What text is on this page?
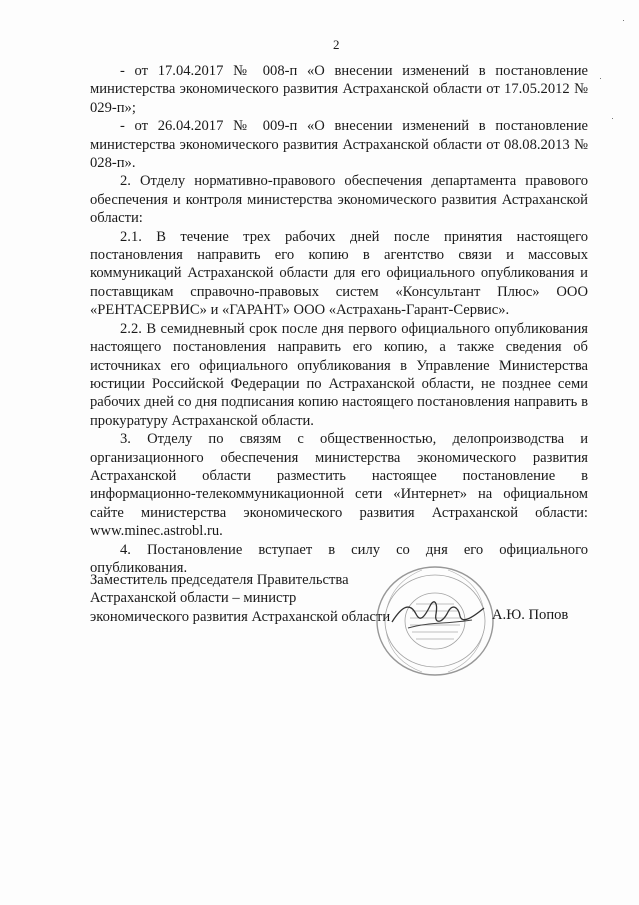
2

- от 17.04.2017 № 008-п «О внесении изменений в постановление министерства экономического развития Астраханской области от 17.05.2012 № 029-п»;

- от 26.04.2017 № 009-п «О внесении изменений в постановление министерства экономического развития Астраханской области от 08.08.2013 № 028-п».

2. Отделу нормативно-правового обеспечения департамента правового обеспечения и контроля министерства экономического развития Астраханской области:

2.1. В течение трех рабочих дней после принятия настоящего постановления направить его копию в агентство связи и массовых коммуникаций Астраханской области для его официального опубликования и поставщикам справочно-правовых систем «Консультант Плюс» ООО «РЕНТАСЕРВИС» и «ГАРАНТ» ООО «Астрахань-Гарант-Сервис».

2.2. В семидневный срок после дня первого официального опубликования настоящего постановления направить его копию, а также сведения об источниках его официального опубликования в Управление Министерства юстиции Российской Федерации по Астраханской области, не позднее семи рабочих дней со дня подписания копию настоящего постановления направить в прокуратуру Астраханской области.

3. Отделу по связям с общественностью, делопроизводства и организационного обеспечения министерства экономического развития Астраханской области разместить настоящее постановление в информационно-телекоммуникационной сети «Интернет» на официальном сайте министерства экономического развития Астраханской области: www.minec.astrobl.ru.

4. Постановление вступает в силу со дня его официального опубликования.

Заместитель председателя Правительства
Астраханской области – министр
экономического развития Астраханской области	А.Ю. Попов
